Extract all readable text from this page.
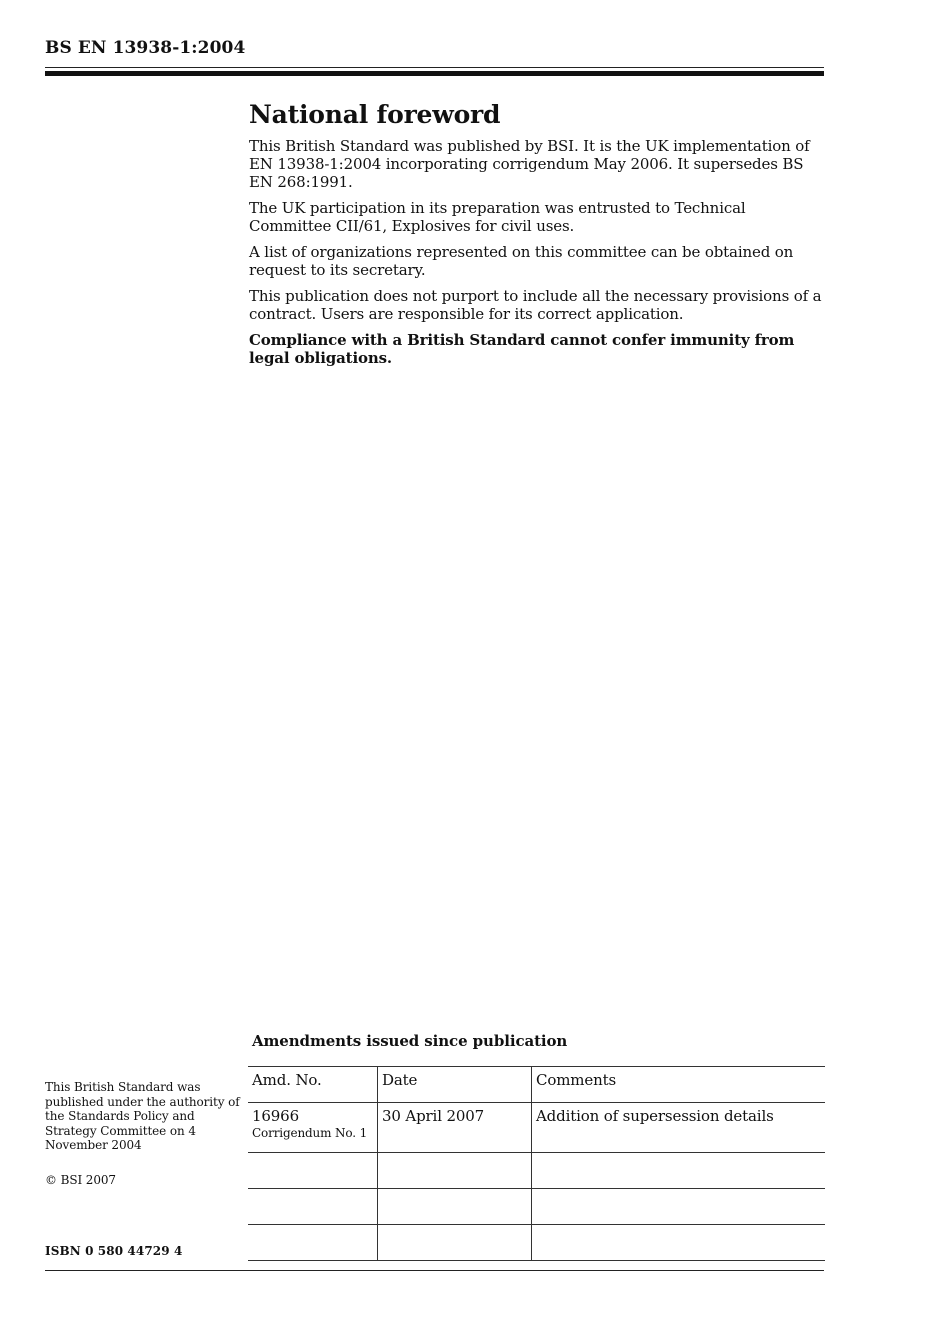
BS EN 13938-1:2004
National foreword

This British Standard was published by BSI. It is the UK implementation of EN 13938-1:2004 incorporating corrigendum May 2006. It supersedes BS EN 268:1991.

The UK participation in its preparation was entrusted to Technical Committee CII/61, Explosives for civil uses.

A list of organizations represented on this committee can be obtained on request to its secretary.

This publication does not purport to include all the necessary provisions of a contract. Users are responsible for its correct application.

Compliance with a British Standard cannot confer immunity from legal obligations.

Amendments issued since publication

This British Standard was published under the authority of the Standards Policy and Strategy Committee on 4 November 2004

© BSI 2007

ISBN 0 580 44729 4
Amd. No.	Date	Comments
16966
Corrigendum No. 1	30 April 2007	Addition of supersession details
